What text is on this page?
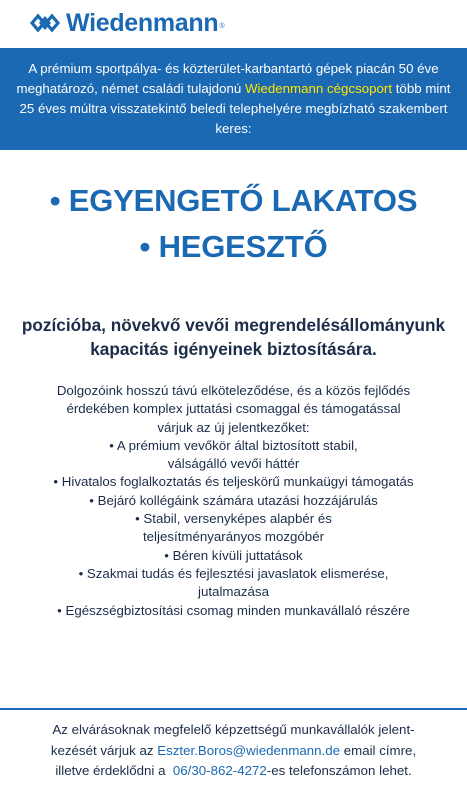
Wiedenmann ®
A prémium sportpálya- és közterület-karbantartó gépek piacán 50 éve meghatározó, német családi tulajdonú Wiedenmann cégcsoport több mint 25 éves múltra visszatekintő beledi telephelyére megbízható szakembert keres:
• EGYENGETŐ LAKATOS
• HEGESZTŐ
pozícióba, növekvő vevői megrendelésállományunk
kapacitás igényeinek biztosítására.
Dolgozóink hosszú távú elköteleződése, és a közös fejlődés
érdekében komplex juttatási csomaggal és támogatással
várjuk az új jelentkezőket:
• A prémium vevőkör által biztosított stabil,
válságálló vevői háttér
• Hivatalos foglalkoztatás és teljeskörű munkaügyi támogatás
• Bejáró kollégáink számára utazási hozzájárulás
• Stabil, versenyképes alapbér és
teljesítményarányos mozgóbér
• Béren kívüli juttatások
• Szakmai tudás és fejlesztési javaslatok elismerése,
jutalmazása
• Egészségbiztosítási csomag minden munkavállaló részére
Az elvárásoknak megfelelő képzettségű munkavállalók jelent-
kezését várjuk az Eszter.Boros@wiedenmann.de email címre,
illetve érdeklődni a  06/30-862-4272-es telefonszámon lehet.
